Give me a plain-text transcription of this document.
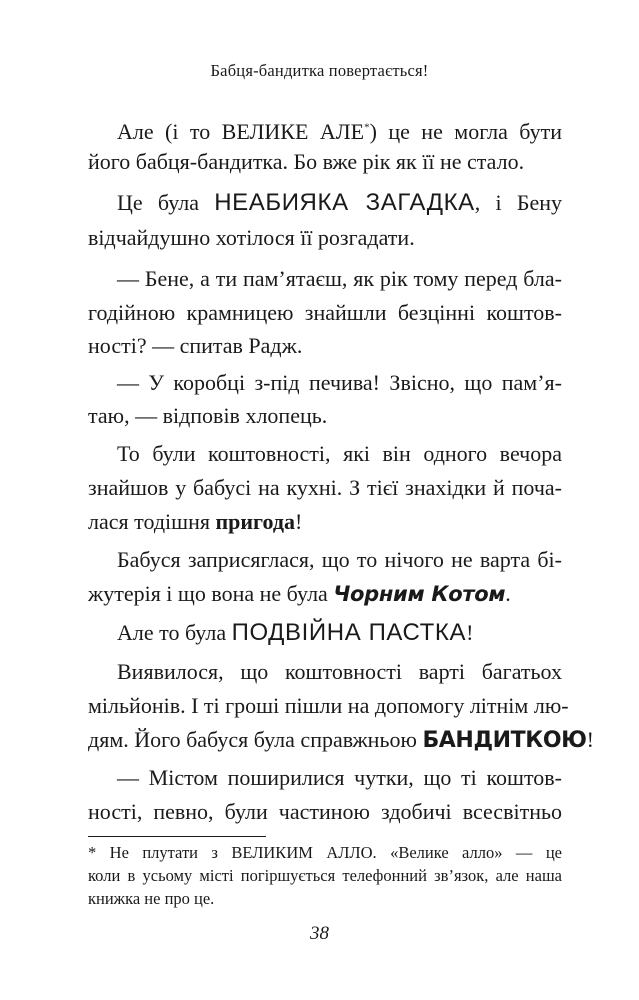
Бабця-бандитка повертається!
Але (і то ВЕЛИКЕ АЛЕ*) це не могла бути
його бабця-бандитка. Бо вже рік як її не стало.
Це була НЕАБИЯКА ЗАГАДКА, і Бену
відчайдушно хотілося її розгадати.
— Бене, а ти пам’ятаєш, як рік тому перед бла-
годійною крамницею знайшли безцінні коштов-
ності? — спитав Радж.
— У коробці з-під печива! Звісно, що пам’я-
таю, — відповів хлопець.
То були коштовності, які він одного вечора
знайшов у бабусі на кухні. З тієї знахідки й поча-
лася тодішня пригода!
Бабуся заприсяглася, що то нічого не варта бі-
жутерія і що вона не була Чорним Котом.
Але то була ПОДВІЙНА ПАСТКА!
Виявилося, що коштовності варті багатьох
мільйонів. І ті гроші пішли на допомогу літнім лю-
дям. Його бабуся була справжньою БАНДИТКОЮ!
— Містом поширилися чутки, що ті коштов-
ності, певно, були частиною здобичі всесвітньо
* Не плутати з ВЕЛИКИМ АЛЛО. «Велике алло» — це
коли в усьому місті погіршується телефонний зв’язок, але наша
книжка не про це.
38
